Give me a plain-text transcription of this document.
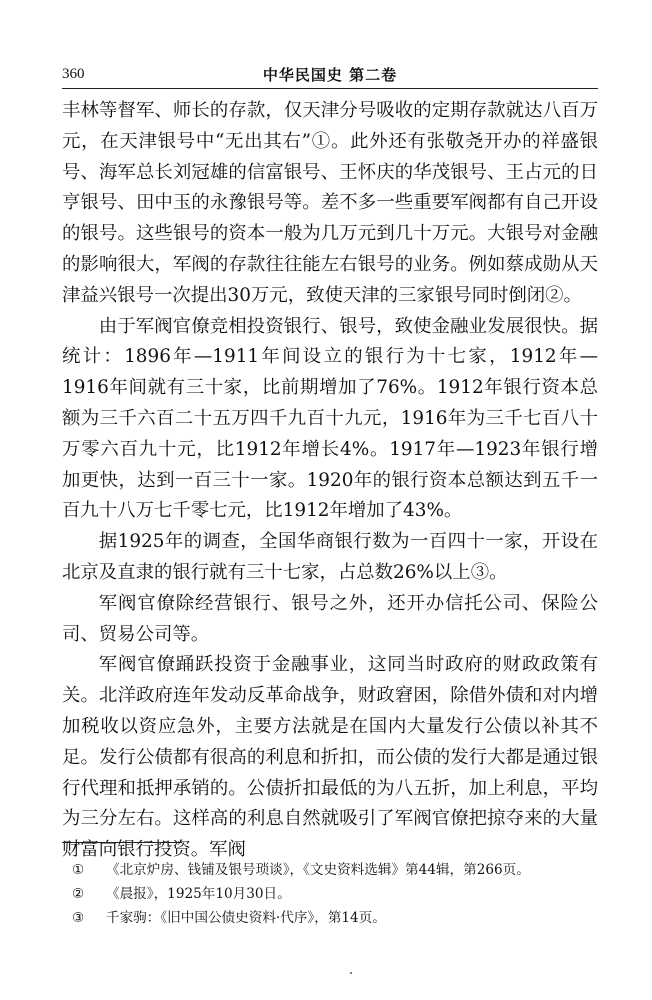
360	中华民国史 第二卷

丰林等督军、师长的存款，仅天津分号吸收的定期存款就达八百万元，在天津银号中“无出其右”①。此外还有张敬尧开办的祥盛银号、海军总长刘冠雄的信富银号、王怀庆的华茂银号、王占元的日亨银号、田中玉的永豫银号等。差不多一些重要军阀都有自己开设的银号。这些银号的资本一般为几万元到几十万元。大银号对金融的影响很大，军阀的存款往往能左右银号的业务。例如蔡成勋从天津益兴银号一次提出30万元，致使天津的三家银号同时倒闭②。

由于军阀官僚竞相投资银行、银号，致使金融业发展很快。据统计：1896年—1911年间设立的银行为十七家，1912年—1916年间就有三十家，比前期增加了76%。1912年银行资本总额为三千六百二十五万四千九百十九元，1916年为三千七百八十万零六百九十元，比1912年增长4%。1917年—1923年银行增加更快，达到一百三十一家。1920年的银行资本总额达到五千一百九十八万七千零七元，比1912年增加了43%。

据1925年的调查，全国华商银行数为一百四十一家，开设在北京及直隶的银行就有三十七家，占总数26%以上③。

军阀官僚除经营银行、银号之外，还开办信托公司、保险公司、贸易公司等。

军阀官僚踊跃投资于金融事业，这同当时政府的财政政策有关。北洋政府连年发动反革命战争，财政窘困，除借外债和对内增加税收以资应急外，主要方法就是在国内大量发行公债以补其不足。发行公债都有很高的利息和折扣，而公债的发行大都是通过银行代理和抵押承销的。公债折扣最低的为八五折，加上利息，平均为三分左右。这样高的利息自然就吸引了军阀官僚把掠夺来的大量财富向银行投资。军阀

① 《北京炉房、钱铺及银号琐谈》，《文史资料选辑》第44辑，第266页。
② 《晨报》，1925年10月30日。
③ 千家驹：《旧中国公债史资料·代序》，第14页。
